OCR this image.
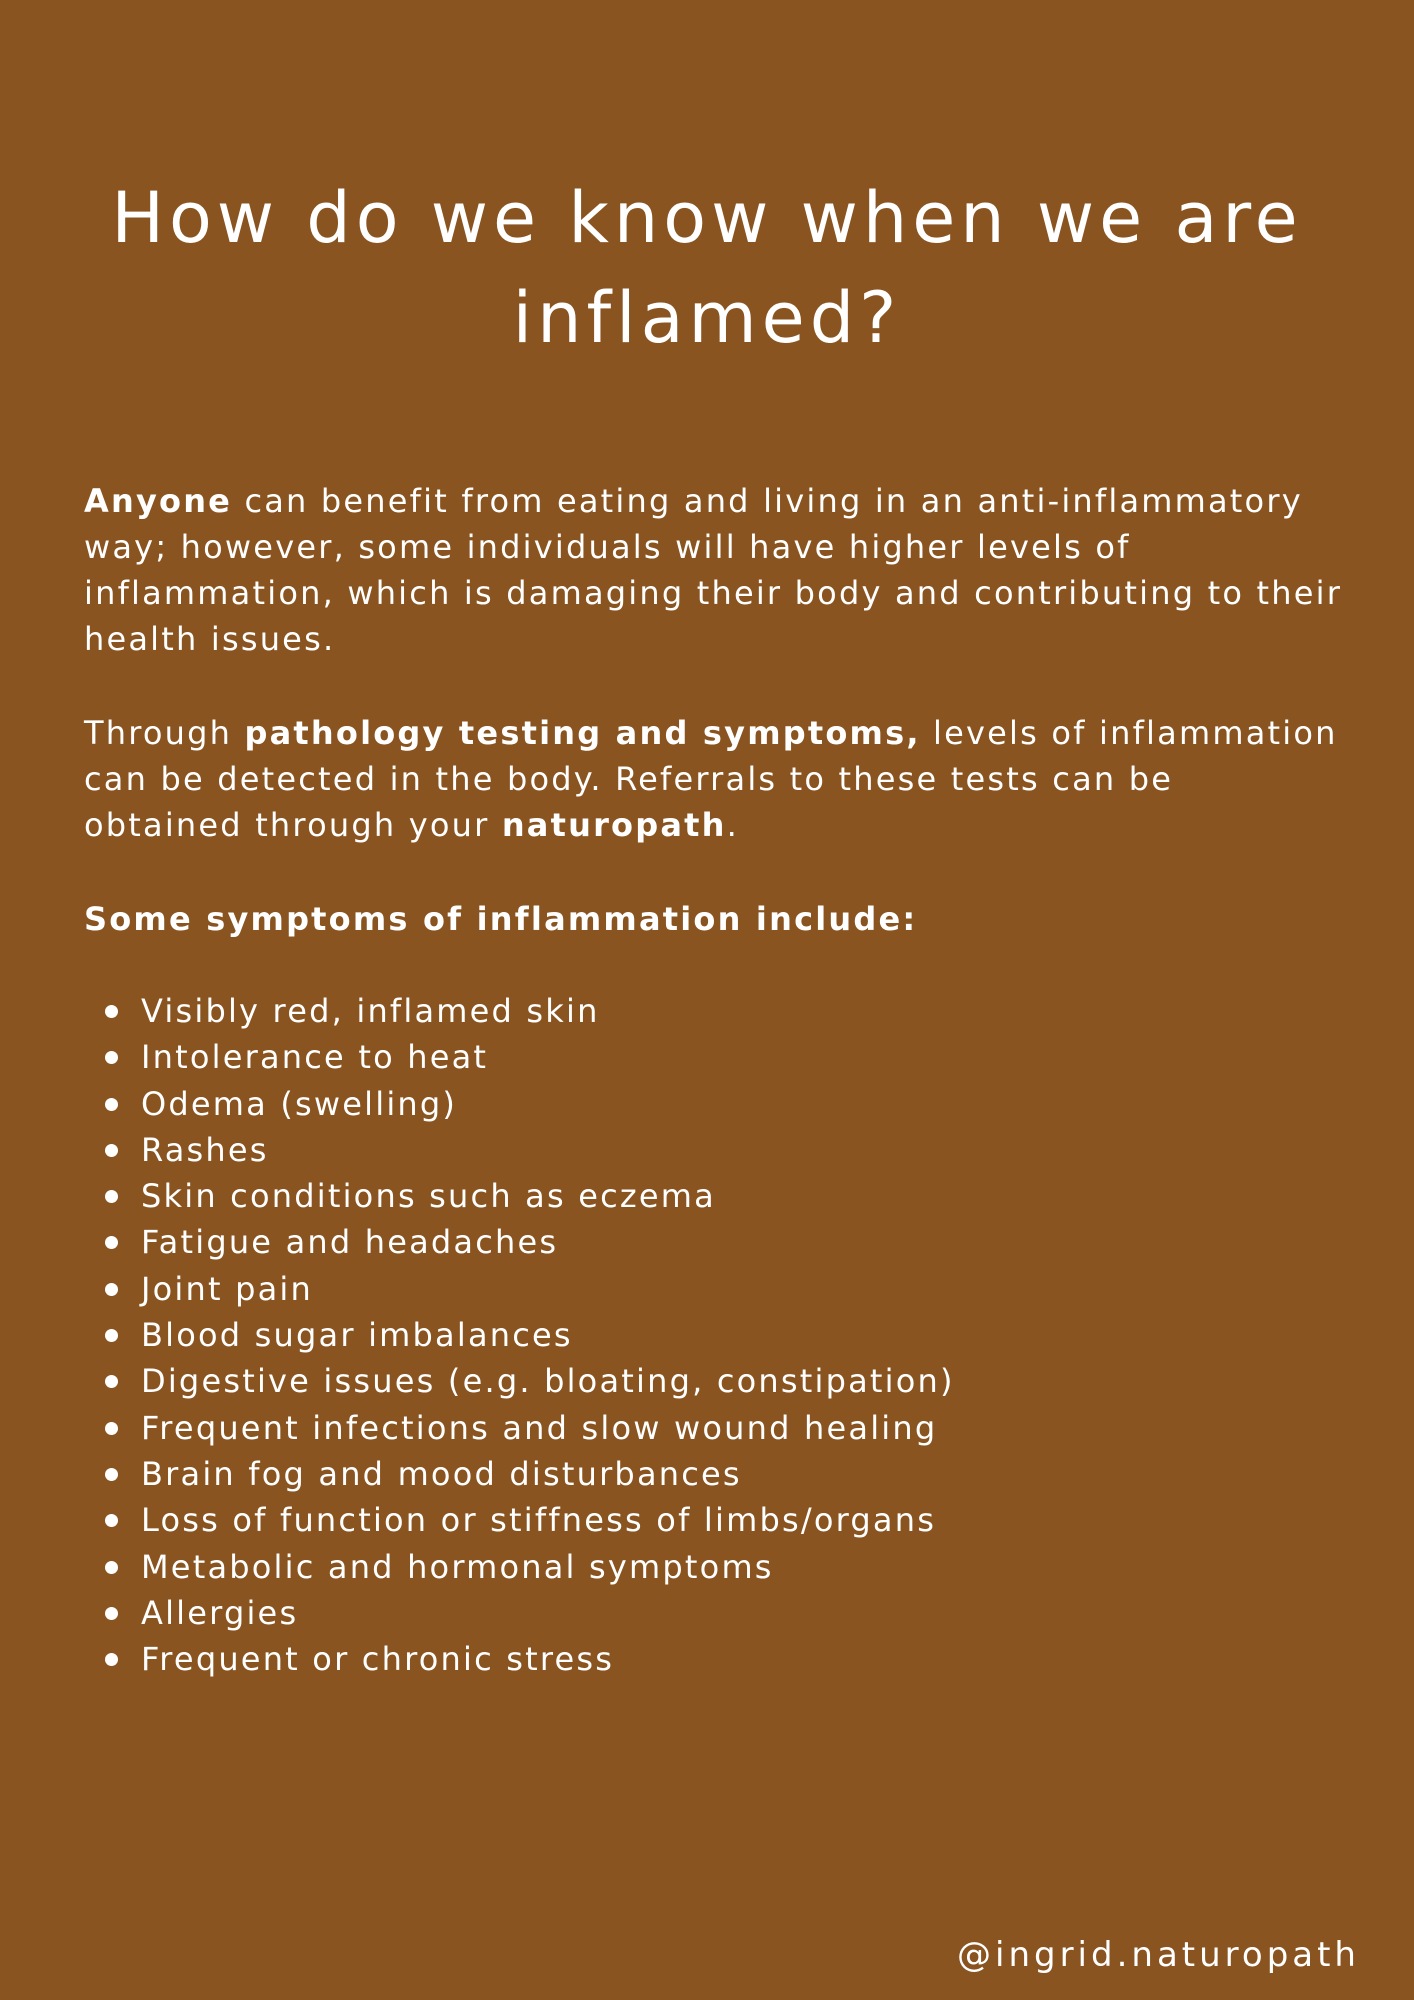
How do we know when we are inflamed?

Anyone can benefit from eating and living in an anti-inflammatory way; however, some individuals will have higher levels of inflammation, which is damaging their body and contributing to their health issues.

Through pathology testing and symptoms, levels of inflammation can be detected in the body. Referrals to these tests can be obtained through your naturopath.

Some symptoms of inflammation include:

Visibly red, inflamed skin
Intolerance to heat
Odema (swelling)
Rashes
Skin conditions such as eczema
Fatigue and headaches
Joint pain
Blood sugar imbalances
Digestive issues (e.g. bloating, constipation)
Frequent infections and slow wound healing
Brain fog and mood disturbances
Loss of function or stiffness of limbs/organs
Metabolic and hormonal symptoms
Allergies
Frequent or chronic stress

@ingrid.naturopath
